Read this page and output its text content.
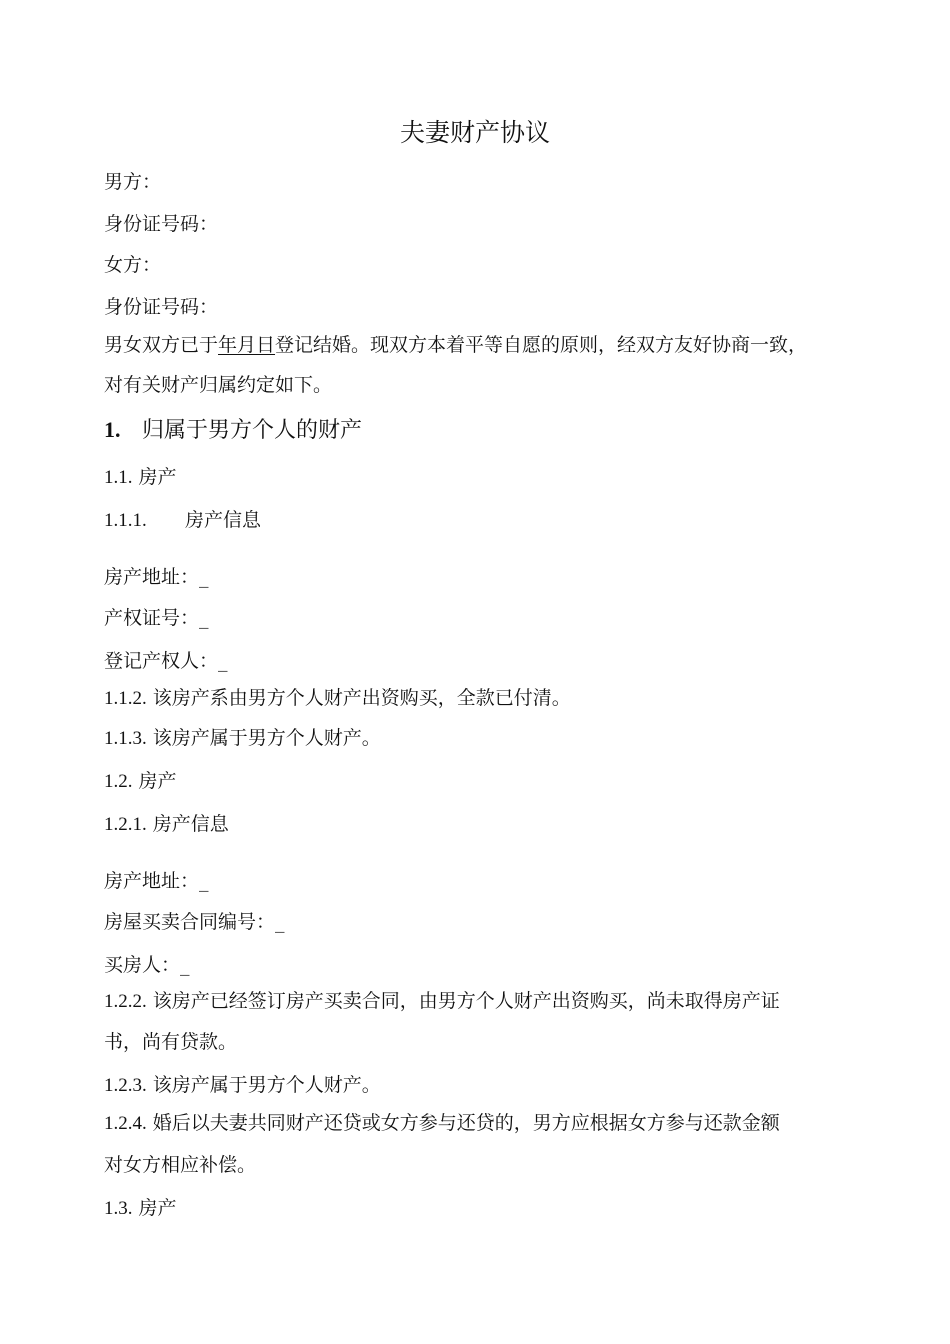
夫妻财产协议
男方：
身份证号码：
女方：
身份证号码：
男女双方已于年月日登记结婚。现双方本着平等自愿的原则，经双方友好协商一致，
对有关财产归属约定如下。
1. 归属于男方个人的财产
1.1. 房产
1.1.1. 房产信息
房产地址：_
产权证号：_
登记产权人：_
1.1.2. 该房产系由男方个人财产出资购买，全款已付清。
1.1.3. 该房产属于男方个人财产。
1.2. 房产
1.2.1. 房产信息
房产地址：_
房屋买卖合同编号：_
买房人：_
1.2.2. 该房产已经签订房产买卖合同，由男方个人财产出资购买，尚未取得房产证
书，尚有贷款。
1.2.3. 该房产属于男方个人财产。
1.2.4. 婚后以夫妻共同财产还贷或女方参与还贷的，男方应根据女方参与还款金额
对女方相应补偿。
1.3. 房产
